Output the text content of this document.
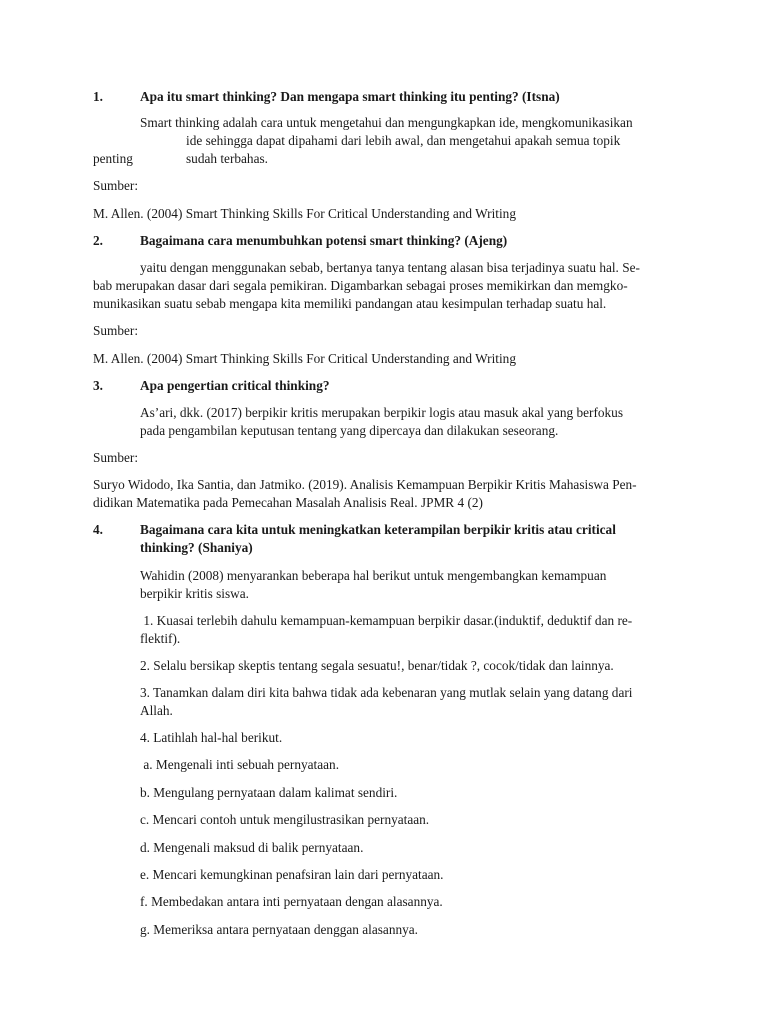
1.	Apa itu smart thinking? Dan mengapa smart thinking itu penting? (Itsna)
Smart thinking adalah cara untuk mengetahui dan mengungkapkan ide, mengkomunikasikan
ide sehingga dapat dipahami dari lebih awal, dan mengetahui apakah semua topik
penting	sudah terbahas.
Sumber:
M. Allen. (2004) Smart Thinking Skills For Critical Understanding and Writing
2.	Bagaimana cara menumbuhkan potensi smart thinking? (Ajeng)
yaitu dengan menggunakan sebab, bertanya tanya tentang alasan bisa terjadinya suatu hal. Se-
bab merupakan dasar dari segala pemikiran. Digambarkan sebagai proses memikirkan dan memgko-
munikasikan suatu sebab mengapa kita memiliki pandangan atau kesimpulan terhadap suatu hal.
Sumber:
M. Allen. (2004) Smart Thinking Skills For Critical Understanding and Writing
3.	Apa pengertian critical thinking?
As’ari, dkk. (2017) berpikir kritis merupakan berpikir logis atau masuk akal yang berfokus
pada pengambilan keputusan tentang yang dipercaya dan dilakukan seseorang.
Sumber:
Suryo Widodo, Ika Santia, dan Jatmiko. (2019). Analisis Kemampuan Berpikir Kritis Mahasiswa Pen-
didikan Matematika pada Pemecahan Masalah Analisis Real. JPMR 4 (2)
4.	Bagaimana cara kita untuk meningkatkan keterampilan berpikir kritis atau critical
thinking? (Shaniya)
Wahidin (2008) menyarankan beberapa hal berikut untuk mengembangkan kemampuan
berpikir kritis siswa.
1. Kuasai terlebih dahulu kemampuan-kemampuan berpikir dasar.(induktif, deduktif dan re-
flektif).
2. Selalu bersikap skeptis tentang segala sesuatu!, benar/tidak ?, cocok/tidak dan lainnya.
3. Tanamkan dalam diri kita bahwa tidak ada kebenaran yang mutlak selain yang datang dari
Allah.
4. Latihlah hal-hal berikut.
a. Mengenali inti sebuah pernyataan.
b. Mengulang pernyataan dalam kalimat sendiri.
c. Mencari contoh untuk mengilustrasikan pernyataan.
d. Mengenali maksud di balik pernyataan.
e. Mencari kemungkinan penafsiran lain dari pernyataan.
f. Membedakan antara inti pernyataan dengan alasannya.
g. Memeriksa antara pernyataan denggan alasannya.
